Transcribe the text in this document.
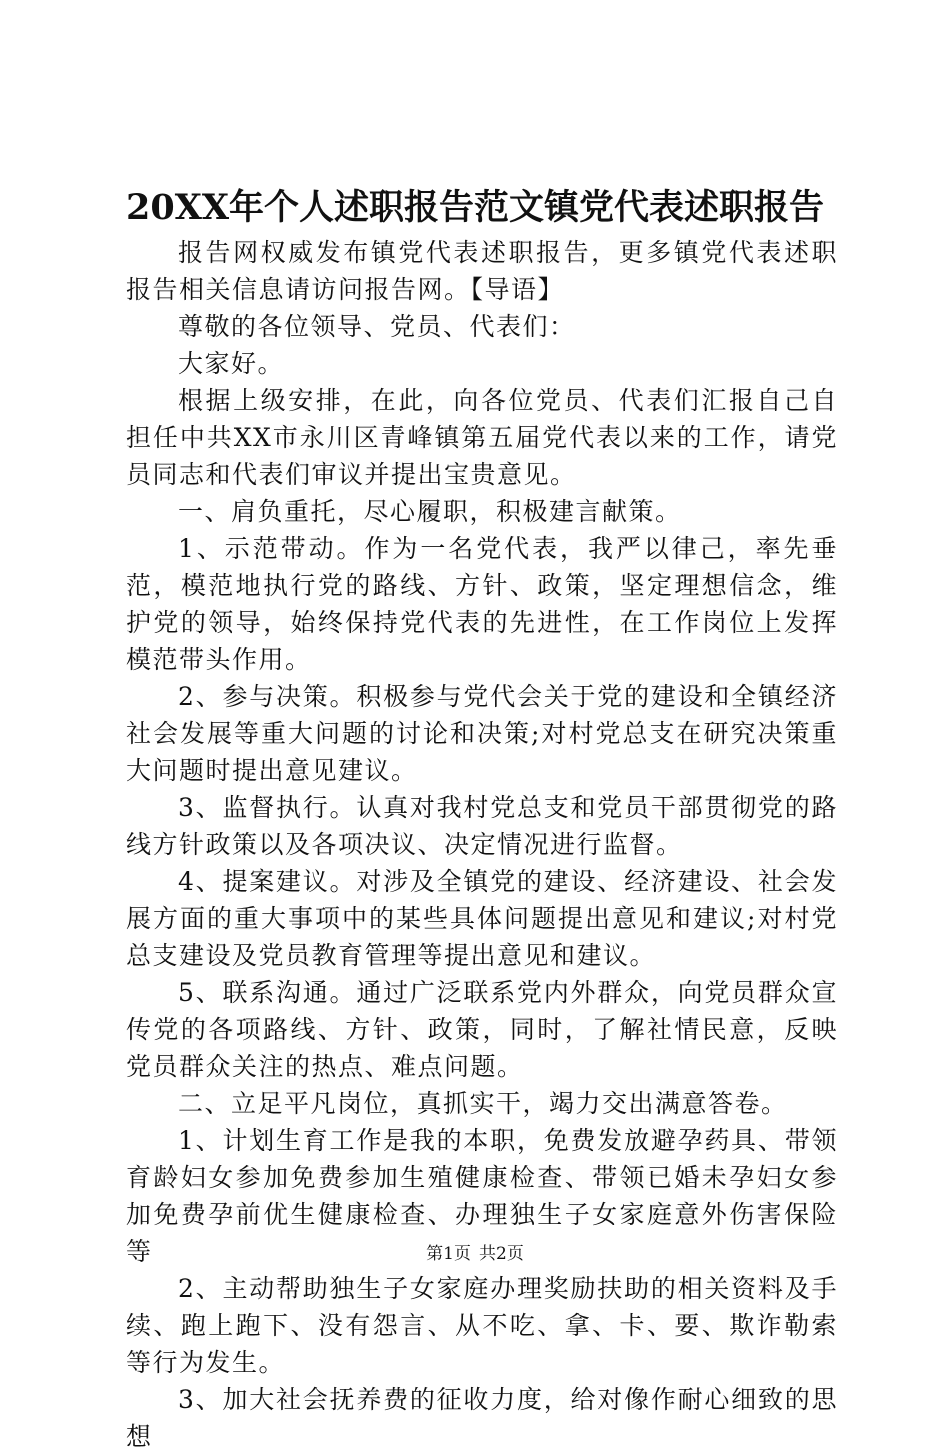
20XX年个人述职报告范文镇党代表述职报告

报告网权威发布镇党代表述职报告，更多镇党代表述职报告相关信息请访问报告网。【导语】

尊敬的各位领导、党员、代表们：

大家好。

根据上级安排，在此，向各位党员、代表们汇报自己自担任中共XX市永川区青峰镇第五届党代表以来的工作，请党员同志和代表们审议并提出宝贵意见。

一、肩负重托，尽心履职，积极建言献策。

1、示范带动。作为一名党代表，我严以律己，率先垂范，模范地执行党的路线、方针、政策，坚定理想信念，维护党的领导，始终保持党代表的先进性，在工作岗位上发挥模范带头作用。

2、参与决策。积极参与党代会关于党的建设和全镇经济社会发展等重大问题的讨论和决策;对村党总支在研究决策重大问题时提出意见建议。

3、监督执行。认真对我村党总支和党员干部贯彻党的路线方针政策以及各项决议、决定情况进行监督。

4、提案建议。对涉及全镇党的建设、经济建设、社会发展方面的重大事项中的某些具体问题提出意见和建议;对村党总支建设及党员教育管理等提出意见和建议。

5、联系沟通。通过广泛联系党内外群众，向党员群众宣传党的各项路线、方针、政策，同时，了解社情民意，反映党员群众关注的热点、难点问题。

二、立足平凡岗位，真抓实干，竭力交出满意答卷。

1、计划生育工作是我的本职，免费发放避孕药具、带领育龄妇女参加免费参加生殖健康检查、带领已婚未孕妇女参加免费孕前优生健康检查、办理独生子女家庭意外伤害保险等

2、主动帮助独生子女家庭办理奖励扶助的相关资料及手续、跑上跑下、没有怨言、从不吃、拿、卡、要、欺诈勒索等行为发生。

3、加大社会抚养费的征收力度，给对像作耐心细致的思想

第1页 共2页
